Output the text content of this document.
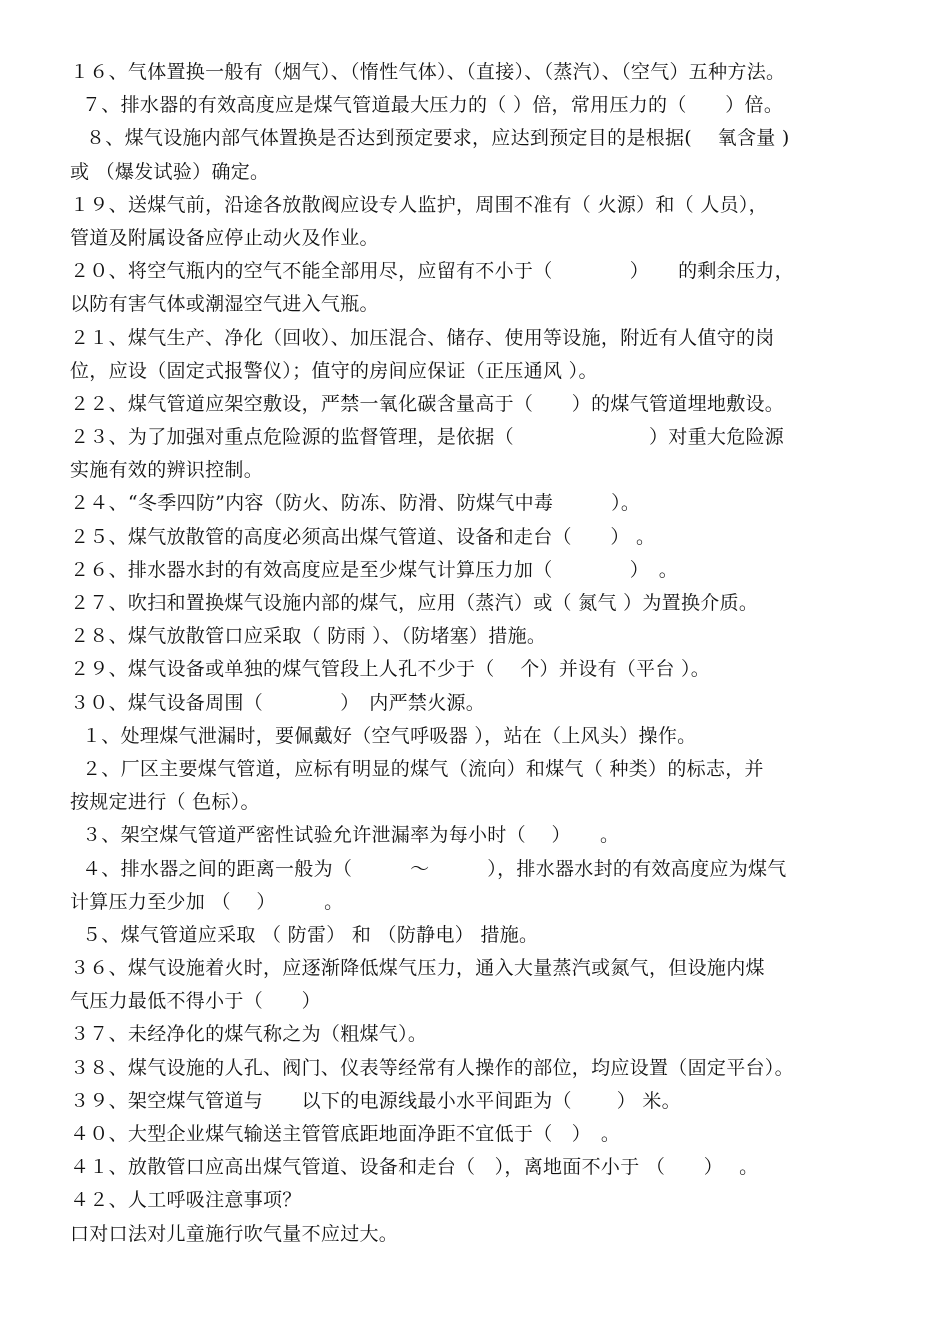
１６、气体置换一般有（烟气）、（惰性气体）、（直接）、（蒸汽）、（空气）五种方法。
７、排水器的有效高度应是煤气管道最大压力的（ ）倍，常用压力的（　　）倍。
８、煤气设施内部气体置换是否达到预定要求，应达到预定目的是根据(　 氧含量 )
或 （爆发试验）确定。
１９、送煤气前，沿途各放散阀应设专人监护，周围不准有（ 火源）和（ 人员），
管道及附属设备应停止动火及作业。
２０、将空气瓶内的空气不能全部用尽，应留有不小于（　　　　）　　的剩余压力，
以防有害气体或潮湿空气进入气瓶。
２１、煤气生产、净化（回收）、加压混合、储存、使用等设施，附近有人值守的岗
位，应设（固定式报警仪）；值守的房间应保证（正压通风 ）。
２２、煤气管道应架空敷设，严禁一氧化碳含量高于（　　）的煤气管道埋地敷设。
２３、为了加强对重点危险源的监督管理，是依据（　　　　　　　）对重大危险源
实施有效的辨识控制。
２４、“冬季四防”内容（防火、防冻、防滑、防煤气中毒　　　）。
２５、煤气放散管的高度必须高出煤气管道、设备和走台（　　） 。
２６、排水器水封的有效高度应是至少煤气计算压力加（　　　　）　。
２７、吹扫和置换煤气设施内部的煤气，应用（蒸汽）或（ 氮气 ）为置换介质。
２８、煤气放散管口应采取（ 防雨 ）、（防堵塞）措施。
２９、煤气设备或单独的煤气管段上人孔不少于（　 个）并设有（平台 ）。
３０、煤气设备周围（　　　　）　内严禁火源。
１、处理煤气泄漏时，要佩戴好（空气呼吸器 ），站在（上风头）操作。
２、厂区主要煤气管道，应标有明显的煤气（流向）和煤气（ 种类）的标志，并
按规定进行（ 色标）。
３、架空煤气管道严密性试验允许泄漏率为每小时（　 ）　　。
４、排水器之间的距离一般为（　　　～　　　），排水器水封的有效高度应为煤气
计算压力至少加 （　 ）　　　。
５、煤气管道应采取 （ 防雷） 和 （防静电） 措施。
３６、煤气设施着火时，应逐渐降低煤气压力，通入大量蒸汽或氮气，但设施内煤
气压力最低不得小于（　　）
３７、未经净化的煤气称之为（粗煤气）。
３８、煤气设施的人孔、阀门、仪表等经常有人操作的部位，均应设置（固定平台）。
３９、架空煤气管道与　　以下的电源线最小水平间距为（　　 ） 米。
４０、大型企业煤气输送主管管底距地面净距不宜低于（　）　。
４１、放散管口应高出煤气管道、设备和走台（　），离地面不小于 （　　）　 。
４２、人工呼吸注意事项？
口对口法对儿童施行吹气量不应过大。
